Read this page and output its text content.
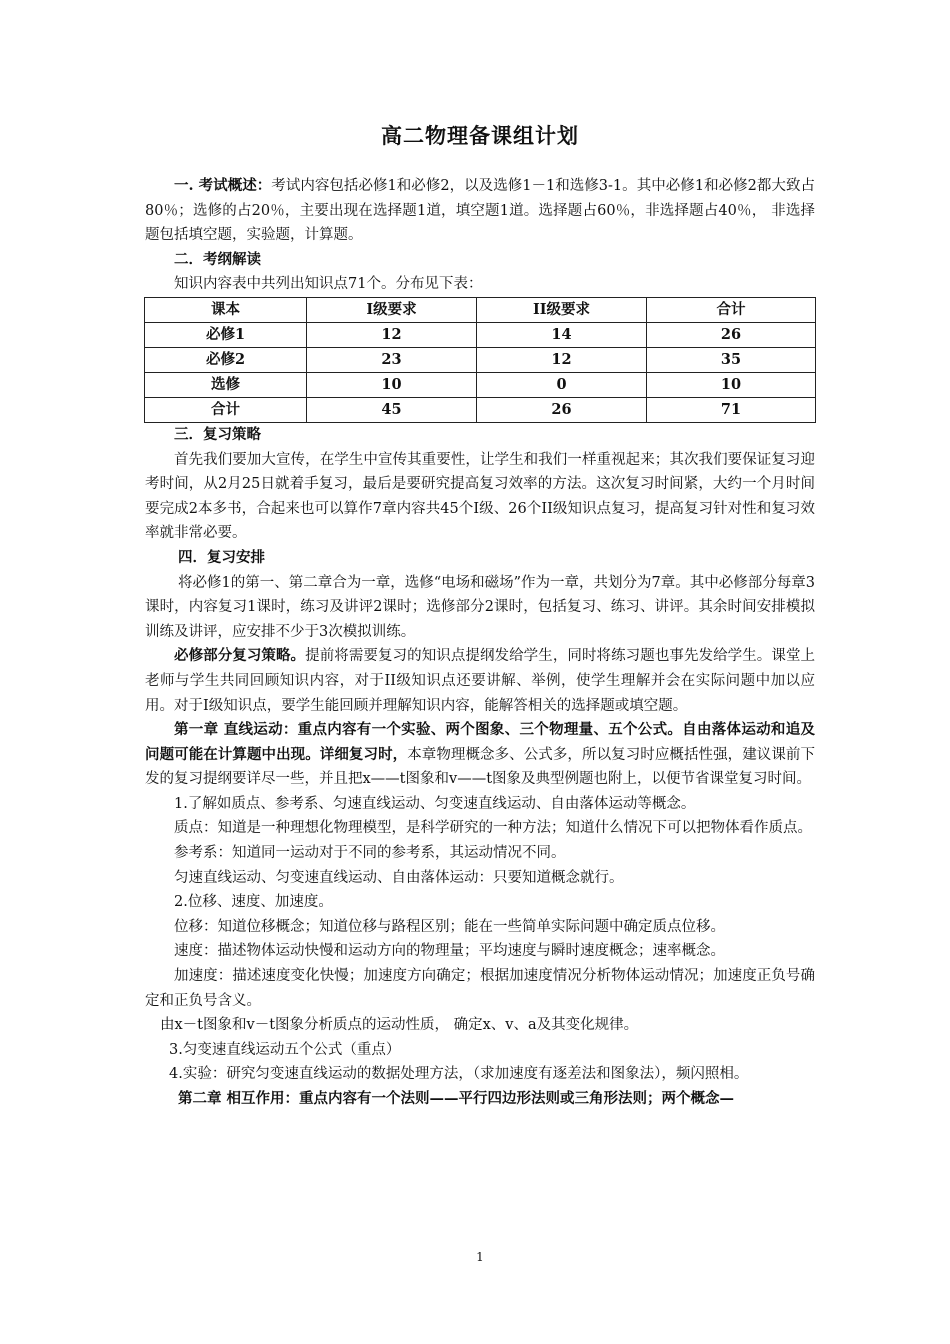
高二物理备课组计划

一. 考试概述：考试内容包括必修1和必修2，以及选修1－1和选修3-1。其中必修1和必修2都大致占80％；选修的占20％，主要出现在选择题1道，填空题1道。选择题占60％，非选择题占40％， 非选择题包括填空题，实验题，计算题。

二．考纲解读

知识内容表中共列出知识点71个。分布见下表：

课本	I级要求	II级要求	合计
必修1	12	14	26
必修2	23	12	35
选修	10	0	10
合计	45	26	71

三．复习策略

首先我们要加大宣传，在学生中宣传其重要性，让学生和我们一样重视起来；其次我们要保证复习迎考时间，从2月25日就着手复习，最后是要研究提高复习效率的方法。这次复习时间紧，大约一个月时间要完成2本多书，合起来也可以算作7章内容共45个I级、26个II级知识点复习，提高复习针对性和复习效率就非常必要。

四．复习安排

将必修1的第一、第二章合为一章，选修“电场和磁场”作为一章，共划分为7章。其中必修部分每章3课时，内容复习1课时，练习及讲评2课时；选修部分2课时，包括复习、练习、讲评。其余时间安排模拟训练及讲评，应安排不少于3次模拟训练。

必修部分复习策略。提前将需要复习的知识点提纲发给学生，同时将练习题也事先发给学生。课堂上老师与学生共同回顾知识内容，对于II级知识点还要讲解、举例，使学生理解并会在实际问题中加以应用。对于I级知识点，要学生能回顾并理解知识内容，能解答相关的选择题或填空题。

第一章 直线运动：重点内容有一个实验、两个图象、三个物理量、五个公式。自由落体运动和追及问题可能在计算题中出现。详细复习时，本章物理概念多、公式多，所以复习时应概括性强，建议课前下发的复习提纲要详尽一些，并且把x——t图象和v——t图象及典型例题也附上，以便节省课堂复习时间。

1.了解如质点、参考系、匀速直线运动、匀变速直线运动、自由落体运动等概念。

质点：知道是一种理想化物理模型，是科学研究的一种方法；知道什么情况下可以把物体看作质点。

参考系：知道同一运动对于不同的参考系，其运动情况不同。

匀速直线运动、匀变速直线运动、自由落体运动：只要知道概念就行。

2.位移、速度、加速度。

位移：知道位移概念；知道位移与路程区别；能在一些简单实际问题中确定质点位移。

速度：描述物体运动快慢和运动方向的物理量；平均速度与瞬时速度概念；速率概念。

加速度：描述速度变化快慢；加速度方向确定；根据加速度情况分析物体运动情况；加速度正负号确定和正负号含义。

由x－t图象和v－t图象分析质点的运动性质， 确定x、v、a及其变化规律。

3.匀变速直线运动五个公式（重点）

4.实验：研究匀变速直线运动的数据处理方法，（求加速度有逐差法和图象法），频闪照相。

第二章 相互作用：重点内容有一个法则——平行四边形法则或三角形法则；两个概念—

1
